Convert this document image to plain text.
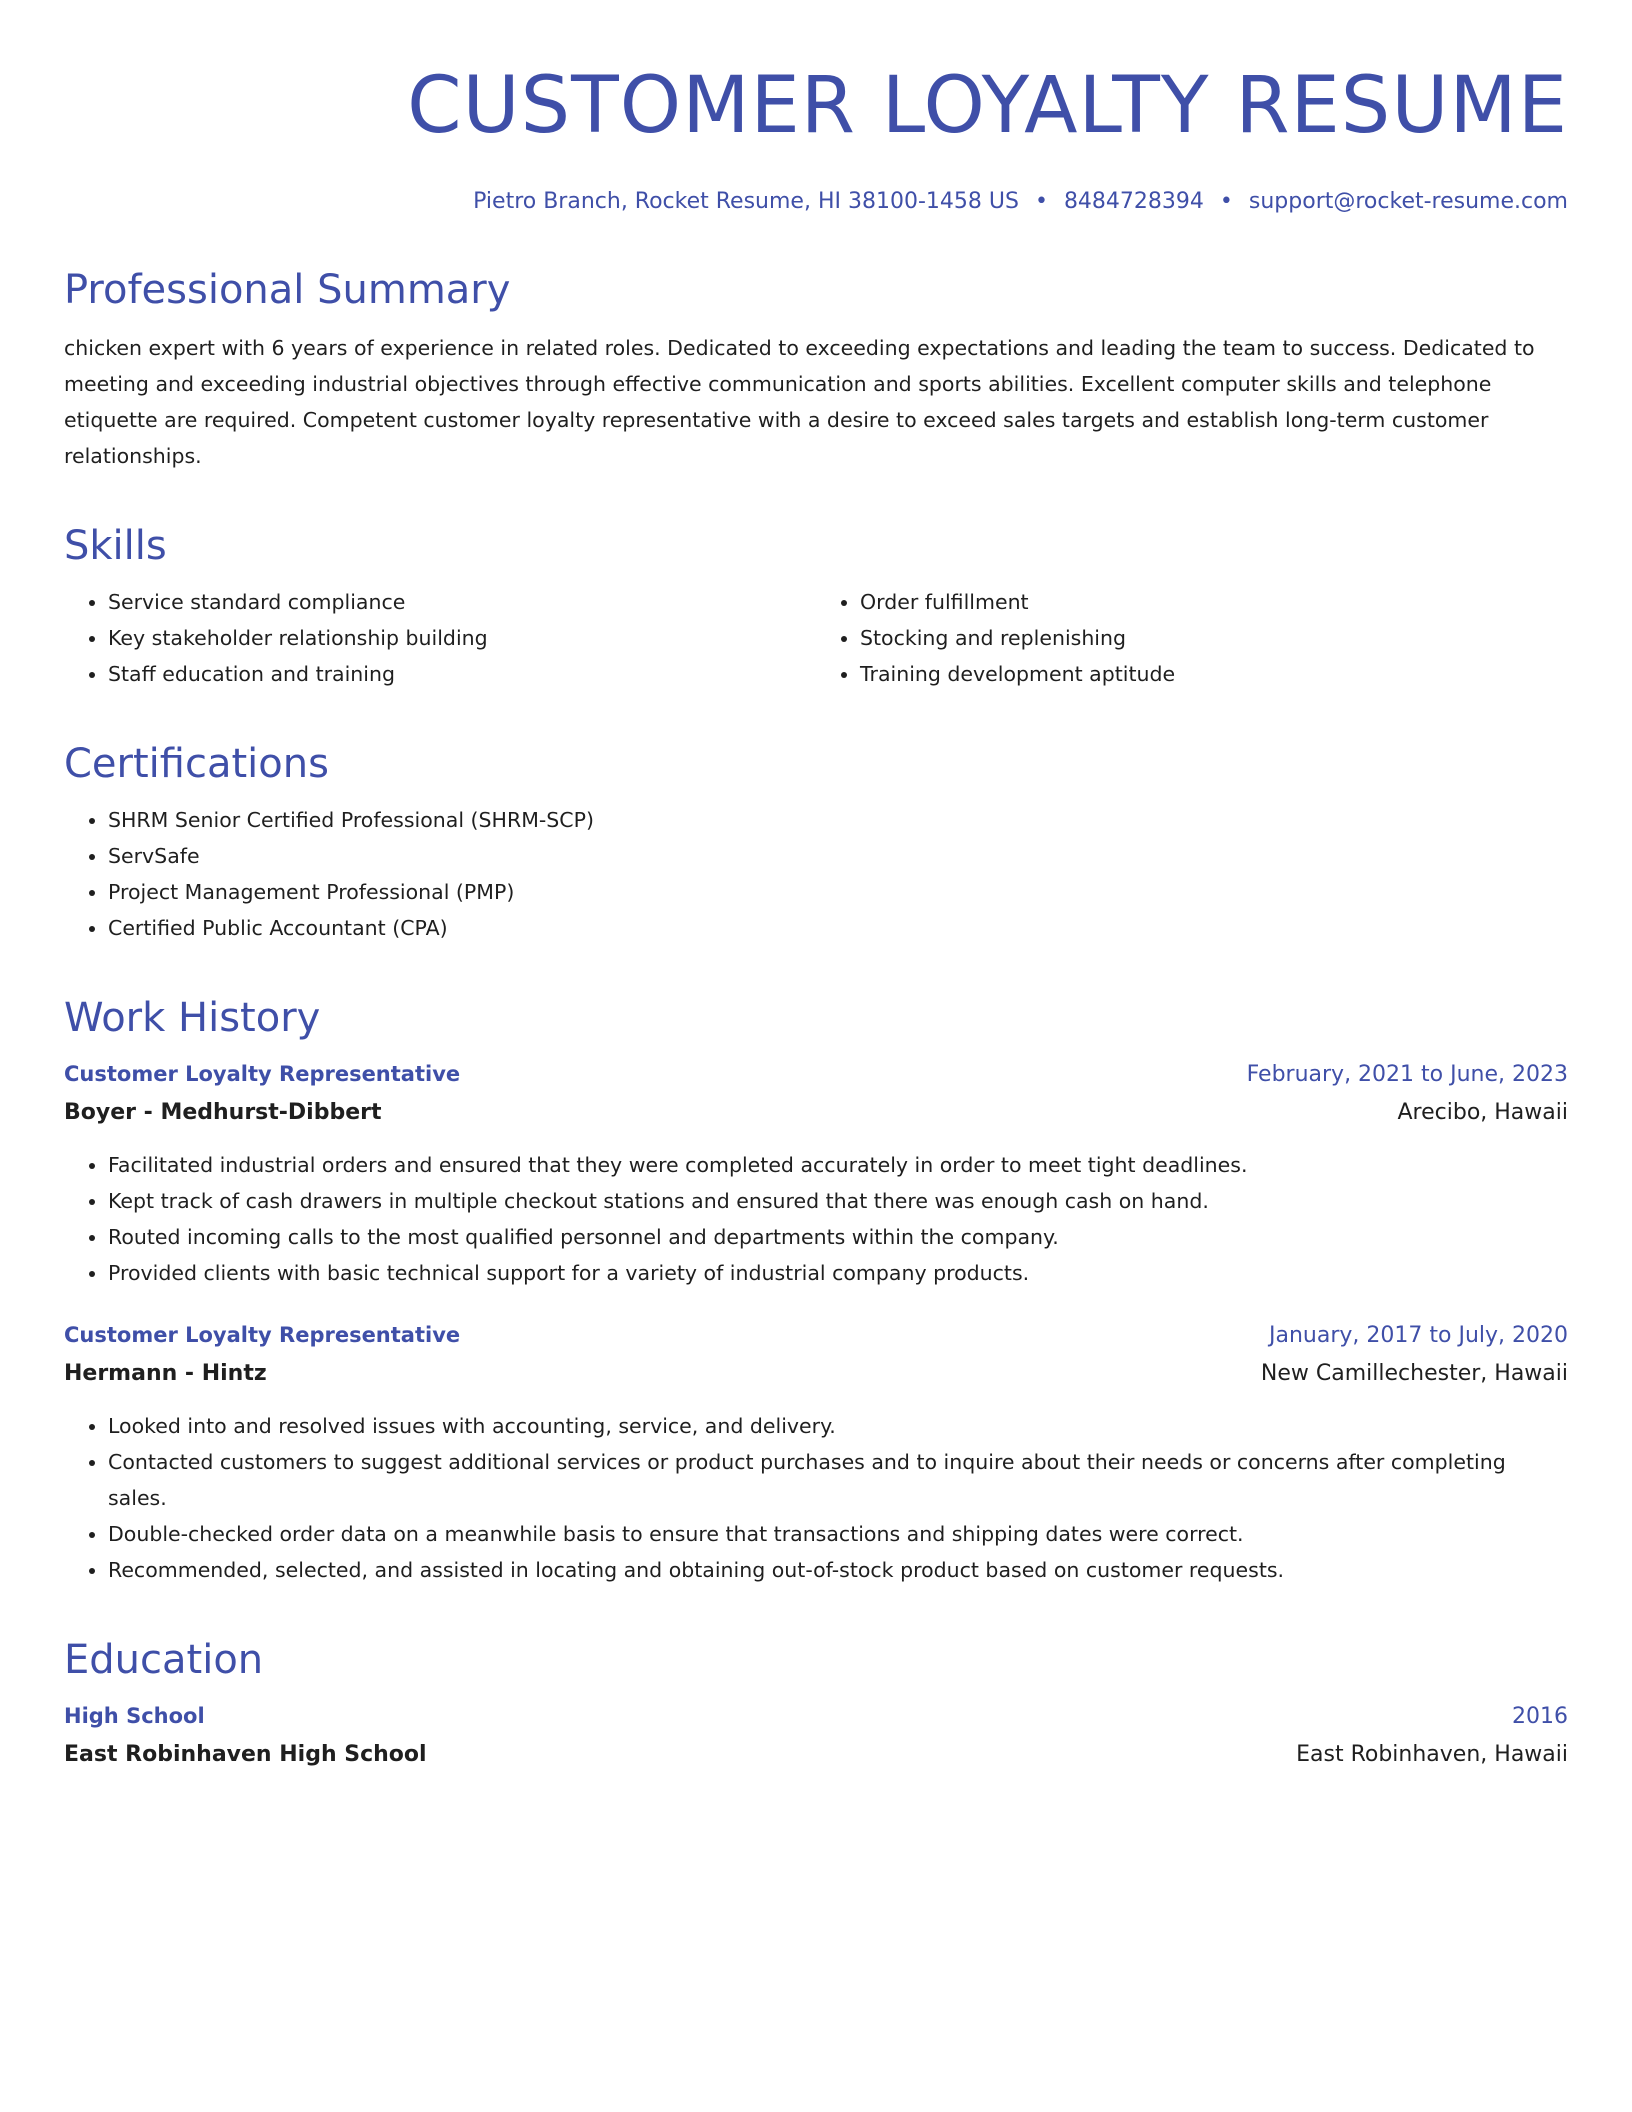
CUSTOMER LOYALTY RESUME
Pietro Branch, Rocket Resume, HI 38100-1458 US • 8484728394 • support@rocket-resume.com
Professional Summary

chicken expert with 6 years of experience in related roles. Dedicated to exceeding expectations and leading the team to success. Dedicated to meeting and exceeding industrial objectives through effective communication and sports abilities. Excellent computer skills and telephone etiquette are required. Competent customer loyalty representative with a desire to exceed sales targets and establish long-term customer relationships.

Skills
• Service standard compliance
• Key stakeholder relationship building
• Staff education and training
• Order fulfillment
• Stocking and replenishing
• Training development aptitude
Certifications
• SHRM Senior Certified Professional (SHRM-SCP)
• ServSafe
• Project Management Professional (PMP)
• Certified Public Accountant (CPA)
Work History
Customer Loyalty Representative	February, 2021 to June, 2023
Boyer - Medhurst-Dibbert	Arecibo, Hawaii
• Facilitated industrial orders and ensured that they were completed accurately in order to meet tight deadlines.
• Kept track of cash drawers in multiple checkout stations and ensured that there was enough cash on hand.
• Routed incoming calls to the most qualified personnel and departments within the company.
• Provided clients with basic technical support for a variety of industrial company products.
Customer Loyalty Representative	January, 2017 to July, 2020
Hermann - Hintz	New Camillechester, Hawaii
• Looked into and resolved issues with accounting, service, and delivery.
• Contacted customers to suggest additional services or product purchases and to inquire about their needs or concerns after completing sales.
• Double-checked order data on a meanwhile basis to ensure that transactions and shipping dates were correct.
• Recommended, selected, and assisted in locating and obtaining out-of-stock product based on customer requests.
Education
High School	2016
East Robinhaven High School	East Robinhaven, Hawaii
